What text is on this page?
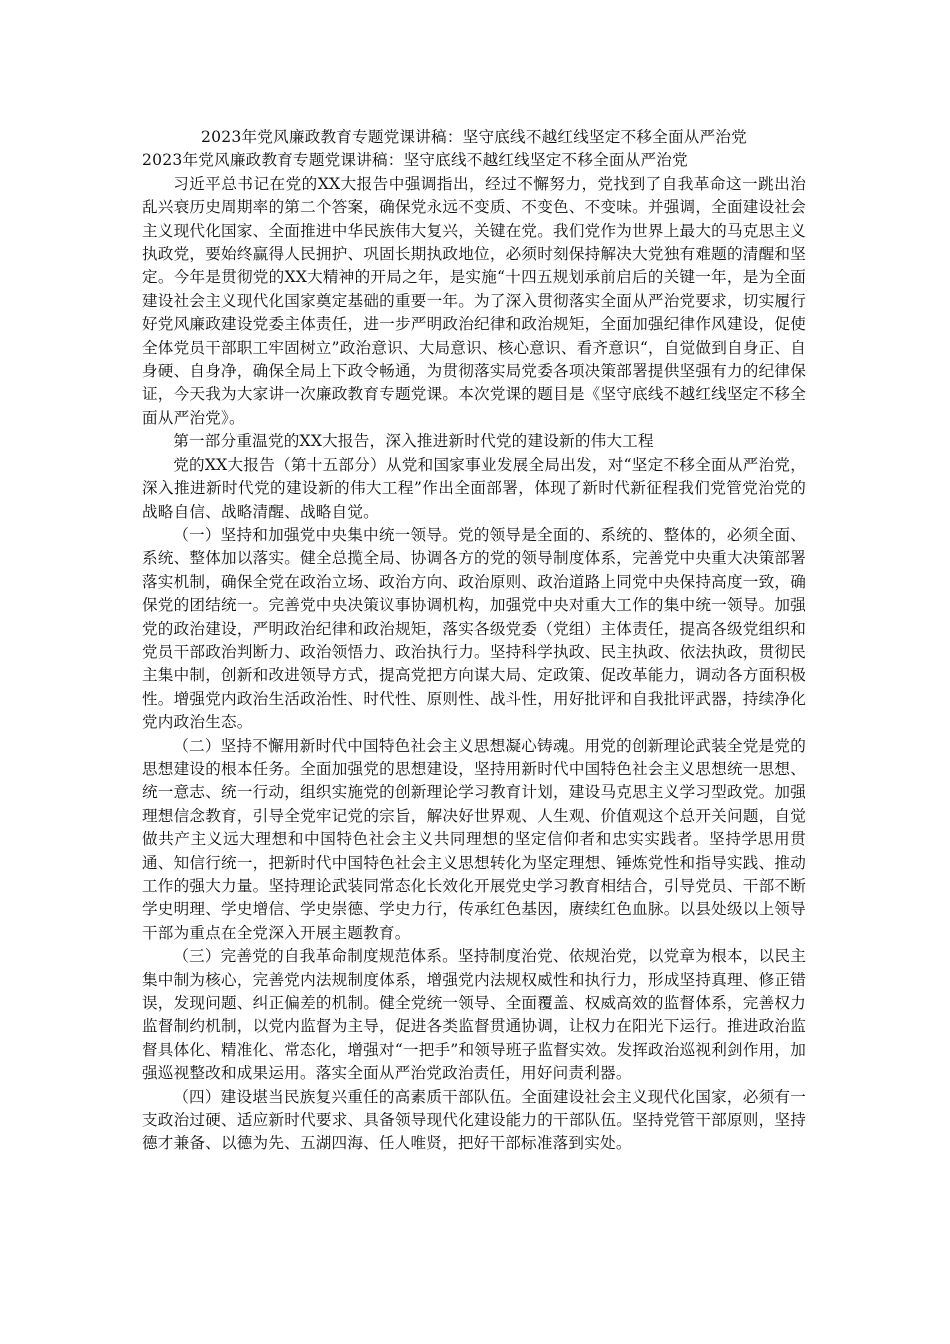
2023年党风廉政教育专题党课讲稿：坚守底线不越红线坚定不移全面从严治党

2023年党风廉政教育专题党课讲稿：坚守底线不越红线坚定不移全面从严治党

习近平总书记在党的XX大报告中强调指出，经过不懈努力，党找到了自我革命这一跳出治乱兴衰历史周期率的第二个答案，确保党永远不变质、不变色、不变味。并强调，全面建设社会主义现代化国家、全面推进中华民族伟大复兴，关键在党。我们党作为世界上最大的马克思主义执政党，要始终赢得人民拥护、巩固长期执政地位，必须时刻保持解决大党独有难题的清醒和坚定。今年是贯彻党的XX大精神的开局之年，是实施“十四五规划承前启后的关键一年，是为全面建设社会主义现代化国家奠定基础的重要一年。为了深入贯彻落实全面从严治党要求，切实履行好党风廉政建设党委主体责任，进一步严明政治纪律和政治规矩，全面加强纪律作风建设，促使全体党员干部职工牢固树立”政治意识、大局意识、核心意识、看齐意识“，自觉做到自身正、自身硬、自身净，确保全局上下政令畅通，为贯彻落实局党委各项决策部署提供坚强有力的纪律保证，今天我为大家讲一次廉政教育专题党课。本次党课的题目是《坚守底线不越红线坚定不移全面从严治党》。

第一部分重温党的XX大报告，深入推进新时代党的建设新的伟大工程

党的XX大报告（第十五部分）从党和国家事业发展全局出发，对“坚定不移全面从严治党，深入推进新时代党的建设新的伟大工程”作出全面部署，体现了新时代新征程我们党管党治党的战略自信、战略清醒、战略自觉。

（一）坚持和加强党中央集中统一领导。党的领导是全面的、系统的、整体的，必须全面、系统、整体加以落实。健全总揽全局、协调各方的党的领导制度体系，完善党中央重大决策部署落实机制，确保全党在政治立场、政治方向、政治原则、政治道路上同党中央保持高度一致，确保党的团结统一。完善党中央决策议事协调机构，加强党中央对重大工作的集中统一领导。加强党的政治建设，严明政治纪律和政治规矩，落实各级党委（党组）主体责任，提高各级党组织和党员干部政治判断力、政治领悟力、政治执行力。坚持科学执政、民主执政、依法执政，贯彻民主集中制，创新和改进领导方式，提高党把方向谋大局、定政策、促改革能力，调动各方面积极性。增强党内政治生活政治性、时代性、原则性、战斗性，用好批评和自我批评武器，持续净化党内政治生态。

（二）坚持不懈用新时代中国特色社会主义思想凝心铸魂。用党的创新理论武装全党是党的思想建设的根本任务。全面加强党的思想建设，坚持用新时代中国特色社会主义思想统一思想、统一意志、统一行动，组织实施党的创新理论学习教育计划，建设马克思主义学习型政党。加强理想信念教育，引导全党牢记党的宗旨，解决好世界观、人生观、价值观这个总开关问题，自觉做共产主义远大理想和中国特色社会主义共同理想的坚定信仰者和忠实实践者。坚持学思用贯通、知信行统一，把新时代中国特色社会主义思想转化为坚定理想、锤炼党性和指导实践、推动工作的强大力量。坚持理论武装同常态化长效化开展党史学习教育相结合，引导党员、干部不断学史明理、学史增信、学史崇德、学史力行，传承红色基因，赓续红色血脉。以县处级以上领导干部为重点在全党深入开展主题教育。

（三）完善党的自我革命制度规范体系。坚持制度治党、依规治党，以党章为根本，以民主集中制为核心，完善党内法规制度体系，增强党内法规权威性和执行力，形成坚持真理、修正错误，发现问题、纠正偏差的机制。健全党统一领导、全面覆盖、权威高效的监督体系，完善权力监督制约机制，以党内监督为主导，促进各类监督贯通协调，让权力在阳光下运行。推进政治监督具体化、精准化、常态化，增强对“一把手”和领导班子监督实效。发挥政治巡视利剑作用，加强巡视整改和成果运用。落实全面从严治党政治责任，用好问责利器。

（四）建设堪当民族复兴重任的高素质干部队伍。全面建设社会主义现代化国家，必须有一支政治过硬、适应新时代要求、具备领导现代化建设能力的干部队伍。坚持党管干部原则，坚持德才兼备、以德为先、五湖四海、任人唯贤，把好干部标准落到实处。
